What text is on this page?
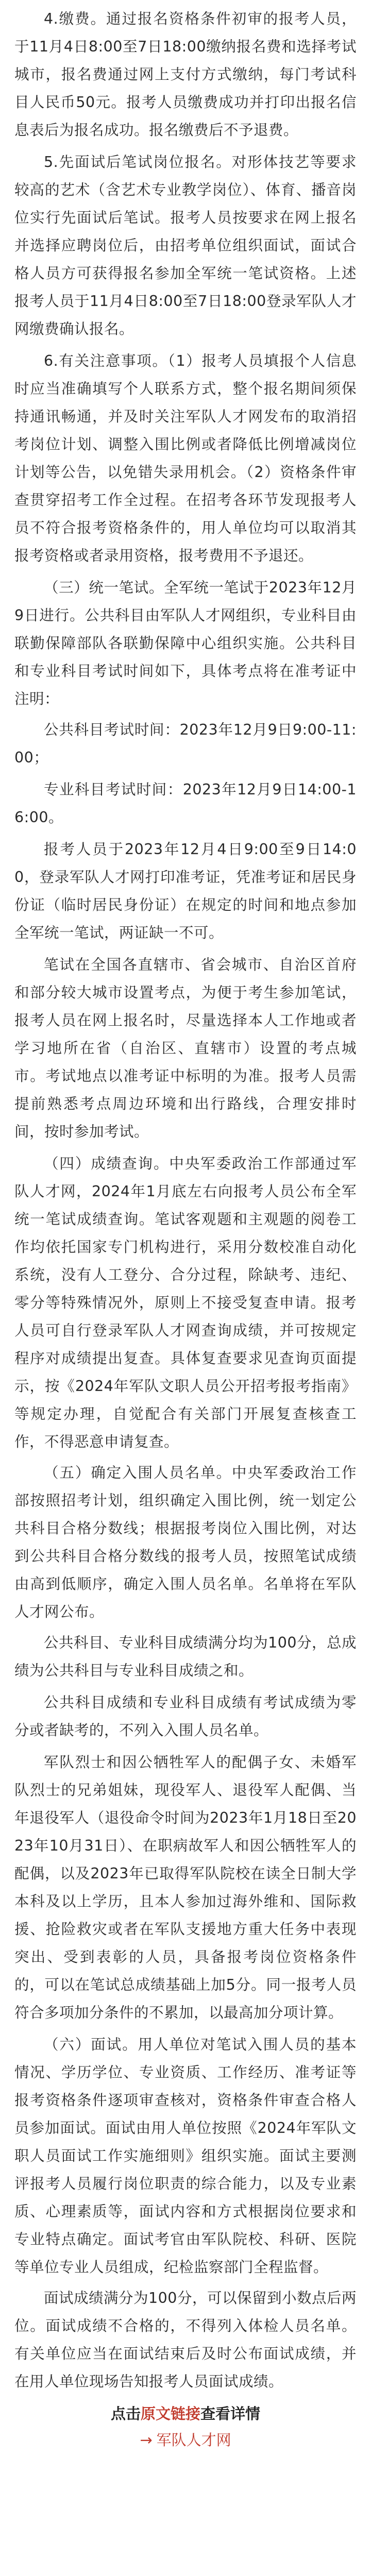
4.缴费。通过报名资格条件初审的报考人员，于11月4日8:00至7日18:00缴纳报名费和选择考试城市，报名费通过网上支付方式缴纳，每门考试科目人民币50元。报考人员缴费成功并打印出报名信息表后为报名成功。报名缴费后不予退费。

5.先面试后笔试岗位报名。对形体技艺等要求较高的艺术（含艺术专业教学岗位）、体育、播音岗位实行先面试后笔试。报考人员按要求在网上报名并选择应聘岗位后，由招考单位组织面试，面试合格人员方可获得报名参加全军统一笔试资格。上述报考人员于11月4日8:00至7日18:00登录军队人才网缴费确认报名。

6.有关注意事项。（1）报考人员填报个人信息时应当准确填写个人联系方式，整个报名期间须保持通讯畅通，并及时关注军队人才网发布的取消招考岗位计划、调整入围比例或者降低比例增减岗位计划等公告，以免错失录用机会。（2）资格条件审查贯穿招考工作全过程。在招考各环节发现报考人员不符合报考资格条件的，用人单位均可以取消其报考资格或者录用资格，报考费用不予退还。

（三）统一笔试。全军统一笔试于2023年12月9日进行。公共科目由军队人才网组织，专业科目由联勤保障部队各联勤保障中心组织实施。公共科目和专业科目考试时间如下，具体考点将在准考证中注明：

公共科目考试时间：2023年12月9日9:00-11:00；

专业科目考试时间：2023年12月9日14:00-16:00。

报考人员于2023年12月4日9:00至9日14:00，登录军队人才网打印准考证，凭准考证和居民身份证（临时居民身份证）在规定的时间和地点参加全军统一笔试，两证缺一不可。

笔试在全国各直辖市、省会城市、自治区首府和部分较大城市设置考点，为便于考生参加笔试，报考人员在网上报名时，尽量选择本人工作地或者学习地所在省（自治区、直辖市）设置的考点城市。考试地点以准考证中标明的为准。报考人员需提前熟悉考点周边环境和出行路线，合理安排时间，按时参加考试。

（四）成绩查询。中央军委政治工作部通过军队人才网，2024年1月底左右向报考人员公布全军统一笔试成绩查询。笔试客观题和主观题的阅卷工作均依托国家专门机构进行，采用分数校准自动化系统，没有人工登分、合分过程，除缺考、违纪、零分等特殊情况外，原则上不接受复查申请。报考人员可自行登录军队人才网查询成绩，并可按规定程序对成绩提出复查。具体复查要求见查询页面提示，按《2024年军队文职人员公开招考报考指南》等规定办理，自觉配合有关部门开展复查核查工作，不得恶意申请复查。

（五）确定入围人员名单。中央军委政治工作部按照招考计划，组织确定入围比例，统一划定公共科目合格分数线；根据报考岗位入围比例，对达到公共科目合格分数线的报考人员，按照笔试成绩由高到低顺序，确定入围人员名单。名单将在军队人才网公布。

公共科目、专业科目成绩满分均为100分，总成绩为公共科目与专业科目成绩之和。

公共科目成绩和专业科目成绩有考试成绩为零分或者缺考的，不列入入围人员名单。

军队烈士和因公牺牲军人的配偶子女、未婚军队烈士的兄弟姐妹，现役军人、退役军人配偶、当年退役军人（退役命令时间为2023年1月18日至2023年10月31日）、在职病故军人和因公牺牲军人的配偶，以及2023年已取得军队院校在读全日制大学本科及以上学历，且本人参加过海外维和、国际救援、抢险救灾或者在军队支援地方重大任务中表现突出、受到表彰的人员，具备报考岗位资格条件的，可以在笔试总成绩基础上加5分。同一报考人员符合多项加分条件的不累加，以最高加分项计算。

（六）面试。用人单位对笔试入围人员的基本情况、学历学位、专业资质、工作经历、准考证等报考资格条件逐项审查核对，资格条件审查合格人员参加面试。面试由用人单位按照《2024年军队文职人员面试工作实施细则》组织实施。面试主要测评报考人员履行岗位职责的综合能力，以及专业素质、心理素质等，面试内容和方式根据岗位要求和专业特点确定。面试考官由军队院校、科研、医院等单位专业人员组成，纪检监察部门全程监督。

面试成绩满分为100分，可以保留到小数点后两位。面试成绩不合格的，不得列入体检人员名单。有关单位应当在面试结束后及时公布面试成绩，并在用人单位现场告知报考人员面试成绩。

点击原文链接查看详情

→ 军队人才网
